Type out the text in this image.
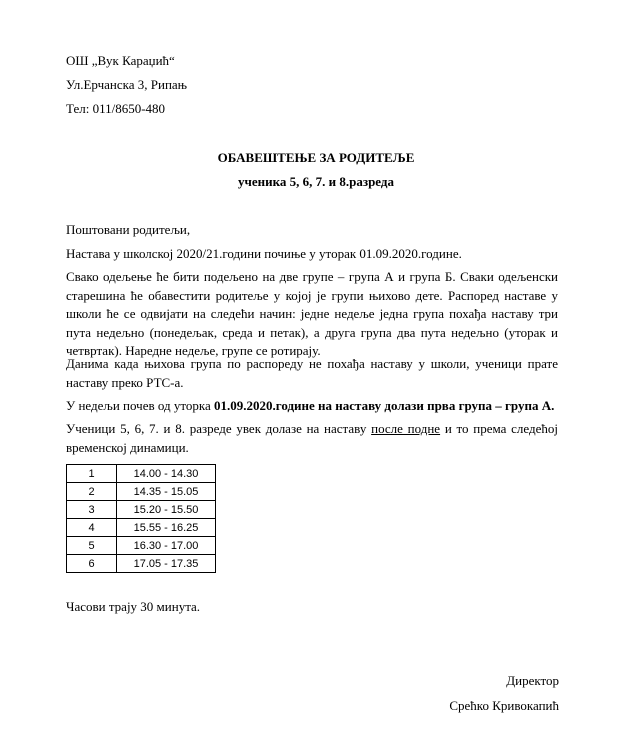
ОШ „Вук Караџић“
Ул.Ерчанска 3, Рипањ
Тел: 011/8650-480
ОБАВЕШТЕЊЕ ЗА РОДИТЕЉЕ
ученика 5, 6, 7. и 8.разреда
Поштовани родитељи,
Настава у школској 2020/21.години почиње у уторак 01.09.2020.године.
Свако одељење ће бити подељено на две групе – група А и група Б. Сваки одељенски старешина ће обавестити родитеље у којој је групи њихово дете. Распоред наставе у школи ће се одвијати на следећи начин: једне недеље једна група похађа наставу три пута недељно (понедељак, среда и петак), а друга група два пута недељно (уторак и четвртак). Наредне недеље, групе се ротирају.
Данима када њихова група по распореду не похађа наставу у школи, ученици прате наставу преко РТС-а.
У недељи почев од уторка 01.09.2020.године на наставу долази прва група – група А.
Ученици 5, 6, 7. и 8. разреде увек долазе на наставу после подне и то према следећој временској динамици.
1	14.00 - 14.30
2	14.35 - 15.05
3	15.20 - 15.50
4	15.55 - 16.25
5	16.30 - 17.00
6	17.05 - 17.35
Часови трају 30 минута.
Директор
Срећко Кривокапић
